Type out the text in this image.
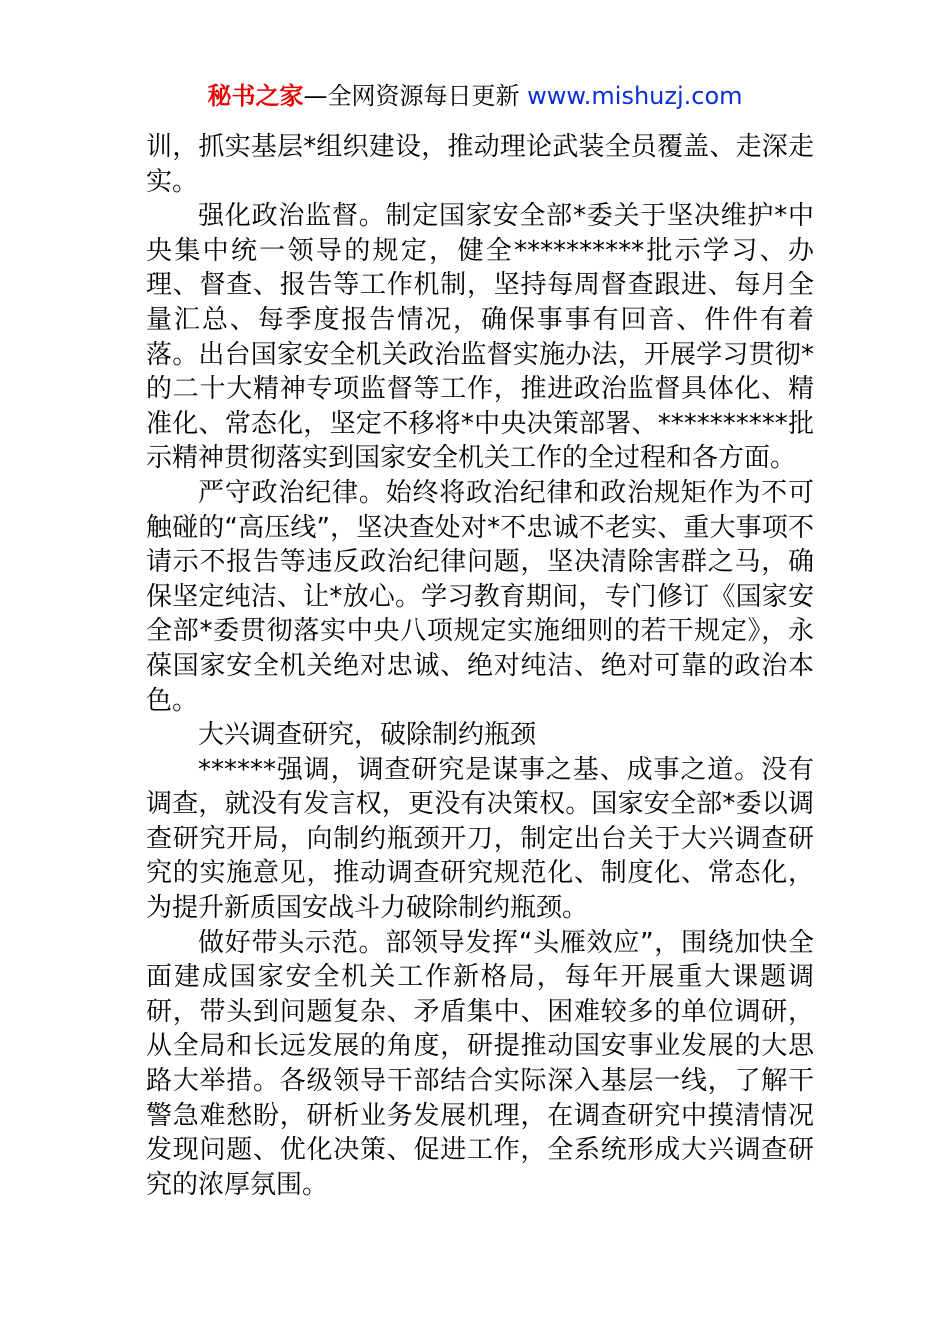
秘书之家—全网资源每日更新 www.mishuzj.com

训，抓实基层*组织建设，推动理论武装全员覆盖、走深走实。

强化政治监督。制定国家安全部*委关于坚决维护*中央集中统一领导的规定，健全**********批示学习、办理、督查、报告等工作机制，坚持每周督查跟进、每月全量汇总、每季度报告情况，确保事事有回音、件件有着落。出台国家安全机关政治监督实施办法，开展学习贯彻*的二十大精神专项监督等工作，推进政治监督具体化、精准化、常态化，坚定不移将*中央决策部署、**********批示精神贯彻落实到国家安全机关工作的全过程和各方面。

严守政治纪律。始终将政治纪律和政治规矩作为不可触碰的“高压线”，坚决查处对*不忠诚不老实、重大事项不请示不报告等违反政治纪律问题，坚决清除害群之马，确保坚定纯洁、让*放心。学习教育期间，专门修订《国家安全部*委贯彻落实中央八项规定实施细则的若干规定》，永葆国家安全机关绝对忠诚、绝对纯洁、绝对可靠的政治本色。

大兴调查研究，破除制约瓶颈

******强调，调查研究是谋事之基、成事之道。没有调查，就没有发言权，更没有决策权。国家安全部*委以调查研究开局，向制约瓶颈开刀，制定出台关于大兴调查研究的实施意见，推动调查研究规范化、制度化、常态化，为提升新质国安战斗力破除制约瓶颈。

做好带头示范。部领导发挥“头雁效应”，围绕加快全面建成国家安全机关工作新格局，每年开展重大课题调研，带头到问题复杂、矛盾集中、困难较多的单位调研，从全局和长远发展的角度，研提推动国安事业发展的大思路大举措。各级领导干部结合实际深入基层一线，了解干警急难愁盼，研析业务发展机理，在调查研究中摸清情况发现问题、优化决策、促进工作，全系统形成大兴调查研究的浓厚氛围。
